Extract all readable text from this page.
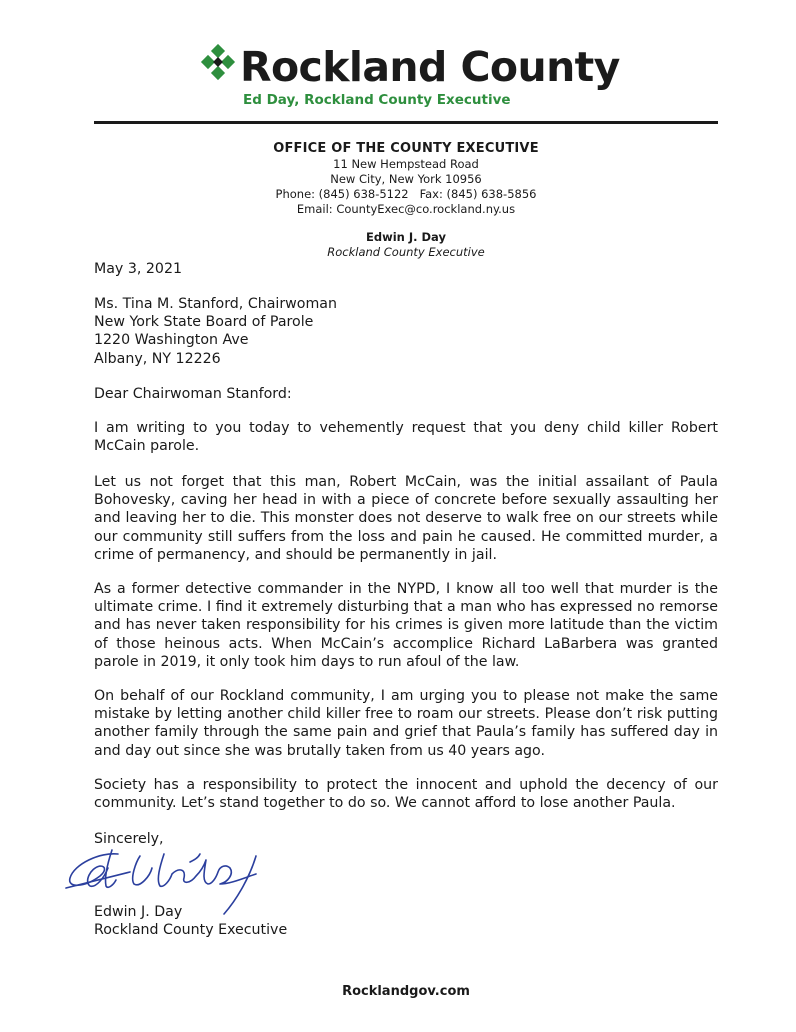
Rockland County
Ed Day, Rockland County Executive
OFFICE OF THE COUNTY EXECUTIVE
11 New Hempstead Road
New City, New York 10956
Phone: (845) 638-5122   Fax: (845) 638-5856
Email: CountyExec@co.rockland.ny.us
Edwin J. Day
Rockland County Executive
May 3, 2021
Ms. Tina M. Stanford, Chairwoman
New York State Board of Parole
1220 Washington Ave
Albany, NY 12226
Dear Chairwoman Stanford:
I am writing to you today to vehemently request that you deny child killer Robert McCain parole.
Let us not forget that this man, Robert McCain, was the initial assailant of Paula Bohovesky, caving her head in with a piece of concrete before sexually assaulting her and leaving her to die. This monster does not deserve to walk free on our streets while our community still suffers from the loss and pain he caused. He committed murder, a crime of permanency, and should be permanently in jail.
As a former detective commander in the NYPD, I know all too well that murder is the ultimate crime. I find it extremely disturbing that a man who has expressed no remorse and has never taken responsibility for his crimes is given more latitude than the victim of those heinous acts. When McCain’s accomplice Richard LaBarbera was granted parole in 2019, it only took him days to run afoul of the law.
On behalf of our Rockland community, I am urging you to please not make the same mistake by letting another child killer free to roam our streets. Please don’t risk putting another family through the same pain and grief that Paula’s family has suffered day in and day out since she was brutally taken from us 40 years ago.
Society has a responsibility to protect the innocent and uphold the decency of our community. Let’s stand together to do so. We cannot afford to lose another Paula.
Sincerely,
Edwin J. Day
Rockland County Executive
Rocklandgov.com
